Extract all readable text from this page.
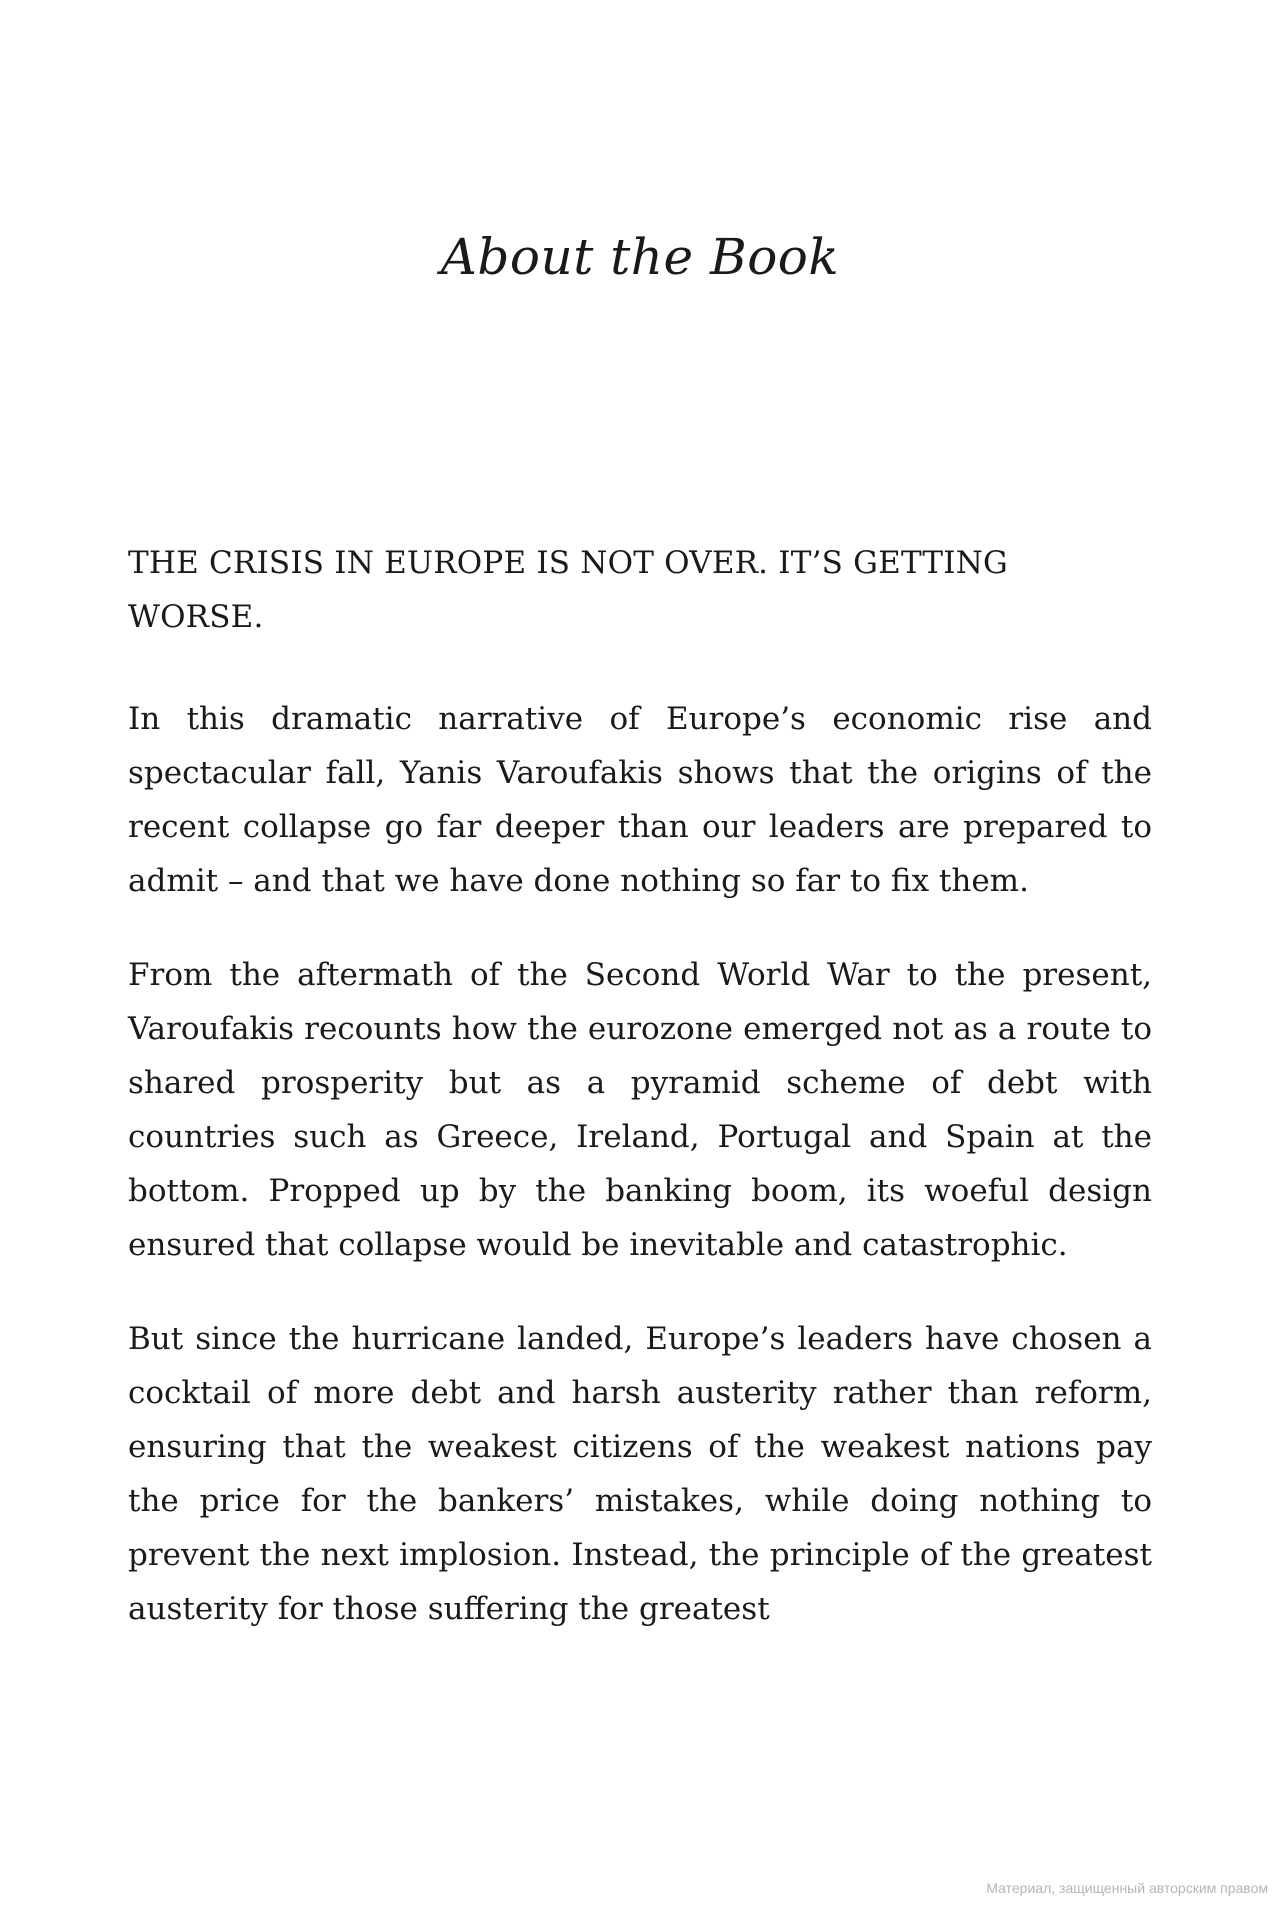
About the Book

THE CRISIS IN EUROPE IS NOT OVER. IT’S GETTING WORSE.

In this dramatic narrative of Europe’s economic rise and spectacular fall, Yanis Varoufakis shows that the origins of the recent collapse go far deeper than our leaders are prepared to admit – and that we have done nothing so far to fix them.

From the aftermath of the Second World War to the present, Varoufakis recounts how the eurozone emerged not as a route to shared prosperity but as a pyramid scheme of debt with countries such as Greece, Ireland, Portugal and Spain at the bottom. Propped up by the banking boom, its woeful design ensured that collapse would be inevitable and catastrophic.

But since the hurricane landed, Europe’s leaders have chosen a cocktail of more debt and harsh austerity rather than reform, ensuring that the weakest citizens of the weakest nations pay the price for the bankers’ mistakes, while doing nothing to prevent the next implosion. Instead, the principle of the greatest austerity for those suffering the greatest

Материал, защищенный авторским правом
